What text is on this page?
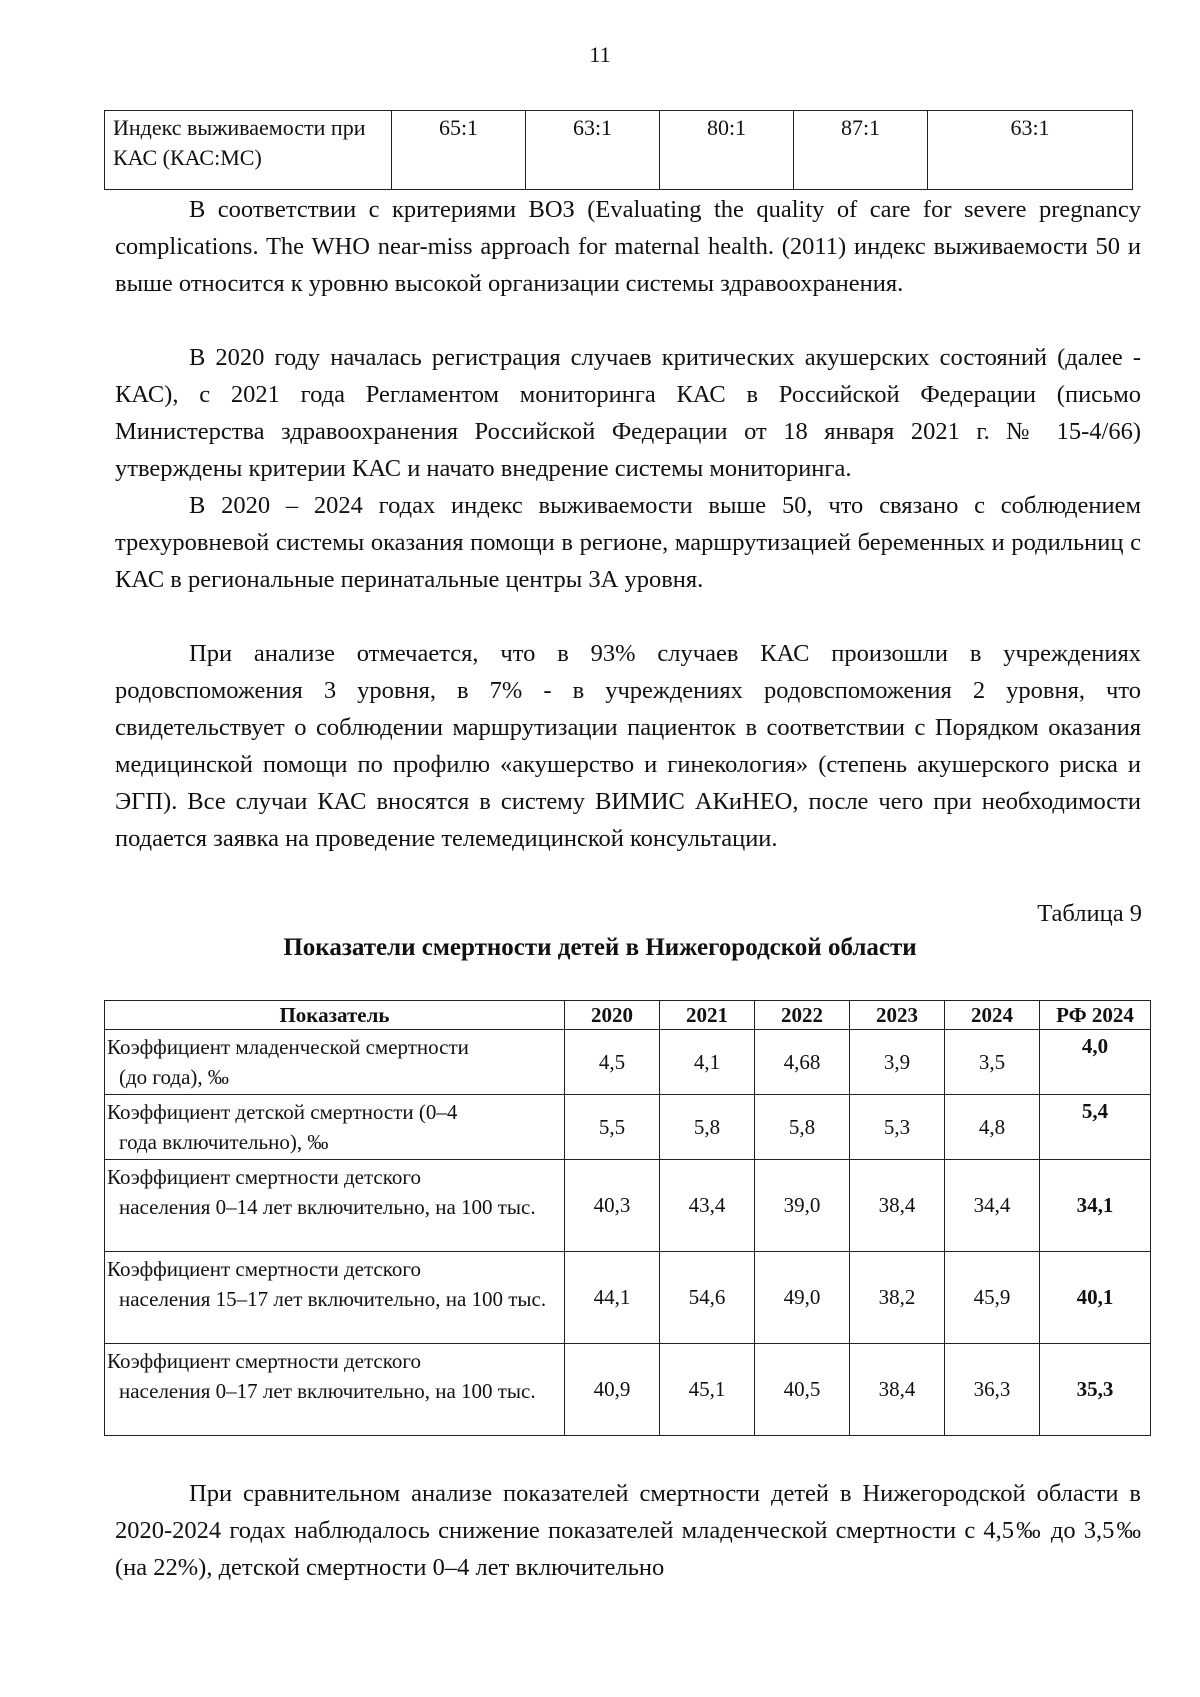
11
Индекс выживаемости при КАС (КАС:МС)	65:1	63:1	80:1	87:1	63:1

В соответствии с критериями ВОЗ (Evaluating the quality of care for severe pregnancy complications. The WHO near-miss approach for maternal health. (2011) индекс выживаемости 50 и выше относится к уровню высокой организации системы здравоохранения.

В 2020 году началась регистрация случаев критических акушерских состояний (далее - КАС), с 2021 года Регламентом мониторинга КАС в Российской Федерации (письмо Министерства здравоохранения Российской Федерации от 18 января 2021 г. № 15-4/66) утверждены критерии КАС и начато внедрение системы мониторинга.

В 2020 – 2024 годах индекс выживаемости выше 50, что связано с соблюдением трехуровневой системы оказания помощи в регионе, маршрутизацией беременных и родильниц с КАС в региональные перинатальные центры 3А уровня.

При анализе отмечается, что в 93% случаев КАС произошли в учреждениях родовспоможения 3 уровня, в 7% - в учреждениях родовспоможения 2 уровня, что свидетельствует о соблюдении маршрутизации пациенток в соответствии с Порядком оказания медицинской помощи по профилю «акушерство и гинекология» (степень акушерского риска и ЭГП). Все случаи КАС вносятся в систему ВИМИС АКиНЕО, после чего при необходимости подается заявка на проведение телемедицинской консультации.

Таблица 9
Показатели смертности детей в Нижегородской области
Показатель	2020	2021	2022	2023	2024	РФ 2024

Коэффициент младенческой смертности
(до года), ‰	4,5	4,1	4,68	3,9	3,5	4,0

Коэффициент детской смертности (0–4
года включительно), ‰	5,5	5,8	5,8	5,3	4,8	5,4

Коэффициент смертности детского
населения 0–14 лет включительно, на 100 тыс.	40,3	43,4	39,0	38,4	34,4	34,1

Коэффициент смертности детского
населения 15–17 лет включительно, на 100 тыс.	44,1	54,6	49,0	38,2	45,9	40,1

Коэффициент смертности детского
населения 0–17 лет включительно, на 100 тыс.	40,9	45,1	40,5	38,4	36,3	35,3

При сравнительном анализе показателей смертности детей в Нижегородской области в 2020-2024 годах наблюдалось снижение показателей младенческой смертности с 4,5‰ до 3,5‰ (на 22%), детской смертности 0–4 лет включительно
